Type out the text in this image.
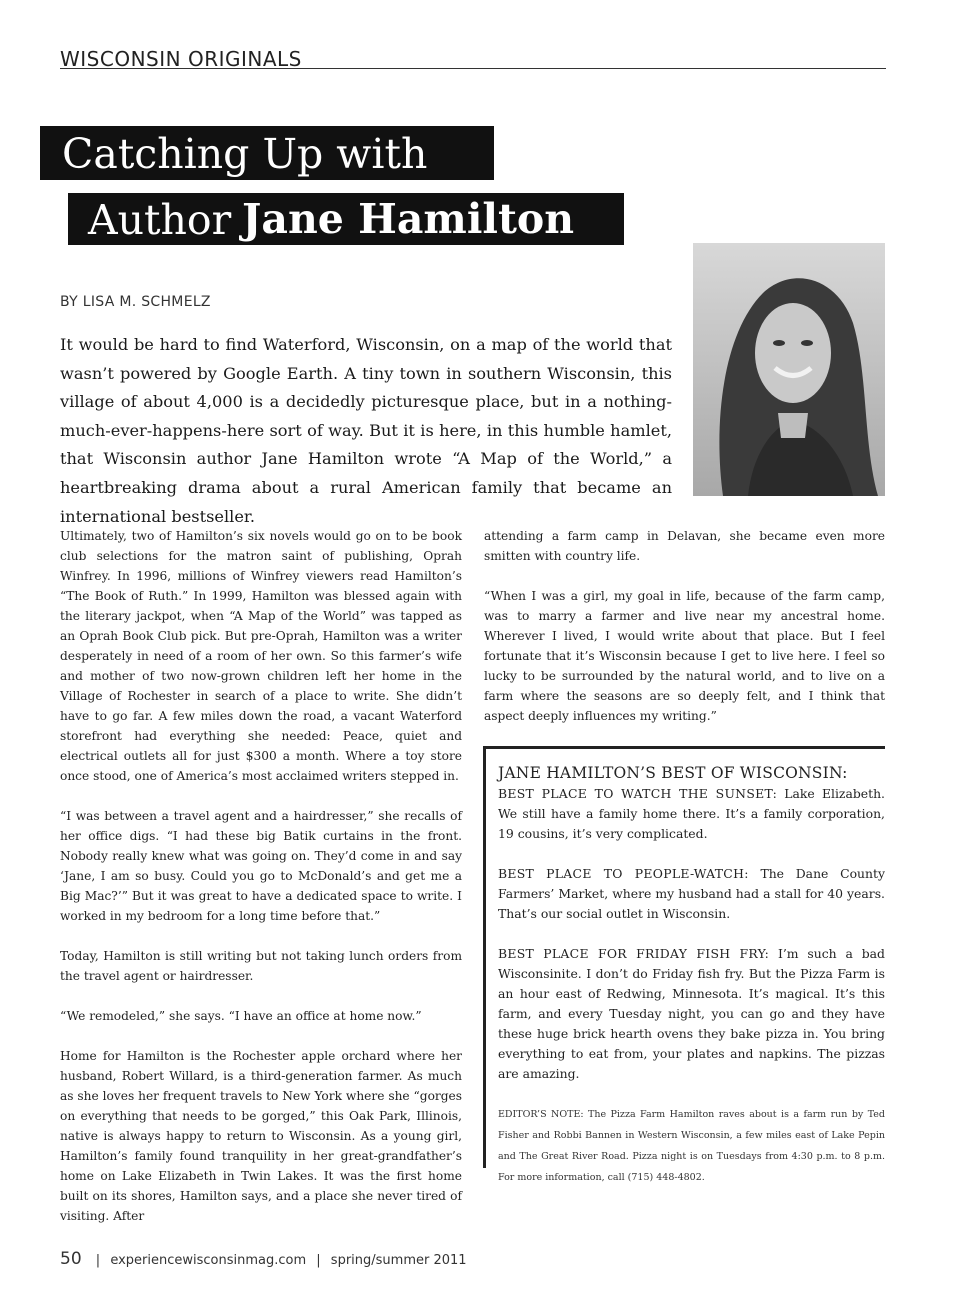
WISCONSIN ORIGINALS
Catching Up with
Author Jane Hamilton
BY LISA M. SCHMELZ

It would be hard to find Waterford, Wisconsin, on a map of the world that wasn’t powered by Google Earth. A tiny town in southern Wisconsin, this village of about 4,000 is a decidedly picturesque place, but in a nothing-much-ever-happens-here sort of way. But it is here, in this humble hamlet, that Wisconsin author Jane Hamilton wrote “A Map of the World,” a heartbreaking drama about a rural American family that became an international bestseller.

Ultimately, two of Hamilton’s six novels would go on to be book club selections for the matron saint of publishing, Oprah Winfrey. In 1996, millions of Winfrey viewers read Hamilton’s “The Book of Ruth.” In 1999, Hamilton was blessed again with the literary jackpot, when “A Map of the World” was tapped as an Oprah Book Club pick. But pre-Oprah, Hamilton was a writer desperately in need of a room of her own. So this farmer’s wife and mother of two now-grown children left her home in the Village of Rochester in search of a place to write. She didn’t have to go far. A few miles down the road, a vacant Waterford storefront had everything she needed: Peace, quiet and electrical outlets all for just $300 a month. Where a toy store once stood, one of America’s most acclaimed writers stepped in.

“I was between a travel agent and a hairdresser,” she recalls of her office digs. “I had these big Batik curtains in the front. Nobody really knew what was going on. They’d come in and say ‘Jane, I am so busy. Could you go to McDonald’s and get me a Big Mac?’” But it was great to have a dedicated space to write. I worked in my bedroom for a long time before that.”

Today, Hamilton is still writing but not taking lunch orders from the travel agent or hairdresser.

“We remodeled,” she says. “I have an office at home now.”

Home for Hamilton is the Rochester apple orchard where her husband, Robert Willard, is a third-generation farmer. As much as she loves her frequent travels to New York where she “gorges on everything that needs to be gorged,” this Oak Park, Illinois, native is always happy to return to Wisconsin. As a young girl, Hamilton’s family found tranquility in her great-grandfather’s home on Lake Elizabeth in Twin Lakes. It was the first home built on its shores, Hamilton says, and a place she never tired of visiting. After

attending a farm camp in Delavan, she became even more smitten with country life.

“When I was a girl, my goal in life, because of the farm camp, was to marry a farmer and live near my ancestral home. Wherever I lived, I would write about that place. But I feel fortunate that it’s Wisconsin because I get to live here. I feel so lucky to be surrounded by the natural world, and to live on a farm where the seasons are so deeply felt, and I think that aspect deeply influences my writing.”

JANE HAMILTON’S BEST OF WISCONSIN:

BEST PLACE TO WATCH THE SUNSET: Lake Elizabeth. We still have a family home there. It’s a family corporation, 19 cousins, it’s very complicated.

BEST PLACE TO PEOPLE-WATCH: The Dane County Farmers’ Market, where my husband had a stall for 40 years. That’s our social outlet in Wisconsin.

BEST PLACE FOR FRIDAY FISH FRY: I’m such a bad Wisconsinite. I don’t do Friday fish fry. But the Pizza Farm is an hour east of Redwing, Minnesota. It’s magical. It’s this farm, and every Tuesday night, you can go and they have these huge brick hearth ovens they bake pizza in. You bring everything to eat from, your plates and napkins. The pizzas are amazing.

EDITOR’S NOTE: The Pizza Farm Hamilton raves about is a farm run by Ted Fisher and Robbi Bannen in Western Wisconsin, a few miles east of Lake Pepin and The Great River Road. Pizza night is on Tuesdays from 4:30 p.m. to 8 p.m. For more information, call (715) 448-4802.
50 | experiencewisconsinmag.com | spring/summer 2011
